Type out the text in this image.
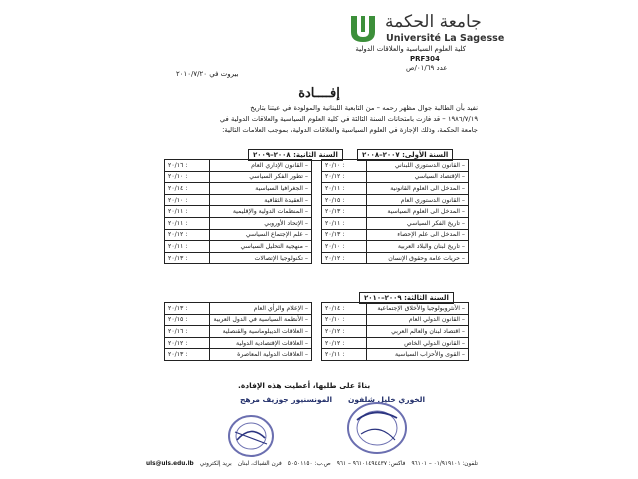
جامعة الحكمة
Université La Sagesse
كلية العلوم السياسية والعلاقات الدولية
PRF304
عدد ٠١/٦٩/ص
بيروت في ٢٠١٠/٧/٢٠
إفــــادة
نفيد بأن الطالبة جوال مظهر رحمه – من التابعية اللبنانية والمولودة في عيتنا بتاريخ
١٩٨٦/٧/١٩ – قد فازت بامتحانات السنة الثالثة في كلية العلوم السياسية والعلاقات الدولية في
جامعة الحكمة، وذلك الإجازة في العلوم السياسية والعلاقات الدولية، بموجب العلامات التالية:
السنة الأولى: ٢٠٠٧–٢٠٠٨
السنة الثانية: ٢٠٠٨–٢٠٠٩
– القانون الدستوري اللبناني	٢٠/١٠ :
– الإقتصاد السياسي	٢٠/١٢ :
– المدخل الى العلوم القانونية	٢٠/١١ :
– القانون الدستوري العام	٢٠/١٥ :
– المدخل الى العلوم السياسية	٢٠/١٣ :
– تاريخ الفكر السياسي	٢٠/١١ :
– المدخل الى علم الإحصاء	٢٠/١٣ :
– تاريخ لبنان والبلاد العربية	٢٠/١٠ :
– حريات عامة وحقوق الإنسان	٢٠/١٢ :
– القانون الإداري العام	٢٠/١٦ :
– تطور الفكر السياسي	٢٠/١٠ :
– الجغرافيا السياسية	٢٠/١٤ :
– العقيدة الثقافية	٢٠/١٠ :
– المنظمات الدولية والإقليمية	٢٠/١١ :
– الإتحاد الأوروبي	٢٠/١١ :
– علم الإجتماع السياسي	٢٠/١٢ :
– منهجية التحليل السياسي	٢٠/١١ :
– تكنولوجيا الإتصالات	٢٠/١٣ :
السنة الثالثة: ٢٠٠٩–٢٠١٠
– الأنثروبولوجيا والأخلاق الإجتماعية	٢٠/١٤ :
– القانون الدولي العام	٢٠/١٠ :
– اقتصاد لبنان والعالم العربي	٢٠/١٢ :
– القانون الدولي الخاص	٢٠/١٢ :
– القوى والأحزاب السياسية	٢٠/١١ :
– الإعلام والرأي العام	٢٠/١٣ :
– الأنظمة السياسية في الدول العربية	٢٠/١٥ :
– العلاقات الديبلوماسية والقنصلية	٢٠/١٦ :
– العلاقات الإقتصادية الدولية	٢٠/١٢ :
– العلاقات الدولية المعاصرة	٢٠/١٣ :
بناءً على طلبها، أعطيت هذه الإفادة.
المونسنيور جوزيف مرهج الخوري خليل شلفون
تلفون: ٠١/٩١٩١٠١ – ٩٦١٠١
فاكس: ٩٦١٠١٤٩٤٤٣٧ – ٩٦١
ص.ب: ٥٠٥٠١١٥٠
فرن الشباك، لبنان
بريد إلكتروني
uls@uls.edu.lb
